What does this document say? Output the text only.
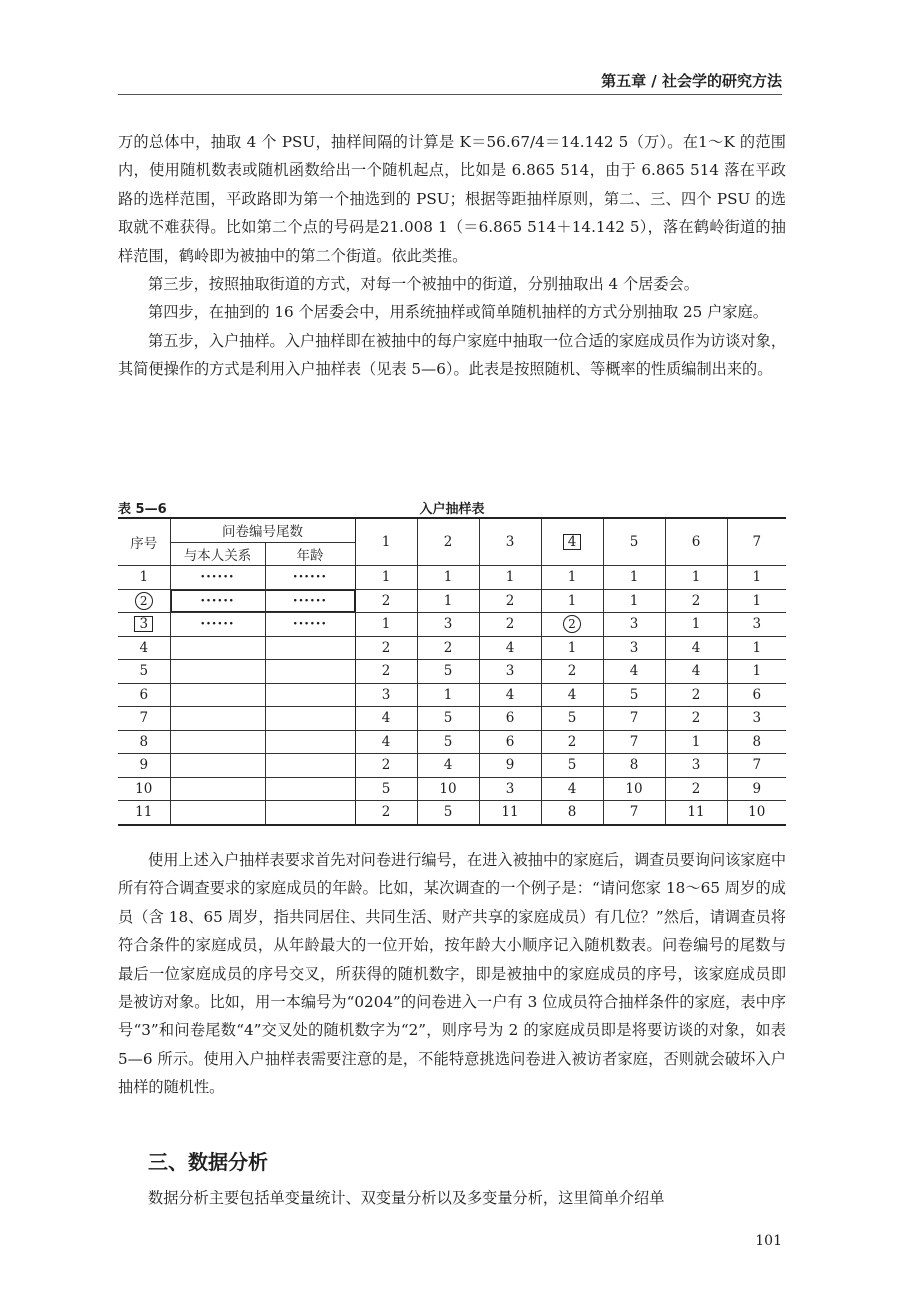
第五章 / 社会学的研究方法

万的总体中，抽取 4 个 PSU，抽样间隔的计算是 K＝56.67/4＝14.142 5（万）。在1～K 的范围内，使用随机数表或随机函数给出一个随机起点，比如是 6.865 514，由于 6.865 514 落在平政路的选样范围，平政路即为第一个抽选到的 PSU；根据等距抽样原则，第二、三、四个 PSU 的选取就不难获得。比如第二个点的号码是21.008 1（＝6.865 514＋14.142 5），落在鹤岭街道的抽样范围，鹤岭即为被抽中的第二个街道。依此类推。

第三步，按照抽取街道的方式，对每一个被抽中的街道，分别抽取出 4 个居委会。

第四步，在抽到的 16 个居委会中，用系统抽样或简单随机抽样的方式分别抽取 25 户家庭。

第五步，入户抽样。入户抽样即在被抽中的每户家庭中抽取一位合适的家庭成员作为访谈对象，其简便操作的方式是利用入户抽样表（见表 5—6）。此表是按照随机、等概率的性质编制出来的。

表 5—6	入户抽样表
序号	问卷编号尾数		1	2	3	4	5	6	7
	与本人关系	年龄							
1	······	······	1	1	1	1	1	1	1
2	······	······	2	1	2	1	1	2	1
3	······	······	1	3	2	2	3	1	3
4			2	2	4	1	3	4	1
5			2	5	3	2	4	4	1
6			3	1	4	4	5	2	6
7			4	5	6	5	7	2	3
8			4	5	6	2	7	1	8
9			2	4	9	5	8	3	7
10			5	10	3	4	10	2	9
11			2	5	11	8	7	11	10

使用上述入户抽样表要求首先对问卷进行编号，在进入被抽中的家庭后，调查员要询问该家庭中所有符合调查要求的家庭成员的年龄。比如，某次调查的一个例子是：“请问您家 18～65 周岁的成员（含 18、65 周岁，指共同居住、共同生活、财产共享的家庭成员）有几位？”然后，请调查员将符合条件的家庭成员，从年龄最大的一位开始，按年龄大小顺序记入随机数表。问卷编号的尾数与最后一位家庭成员的序号交叉，所获得的随机数字，即是被抽中的家庭成员的序号，该家庭成员即是被访对象。比如，用一本编号为“0204”的问卷进入一户有 3 位成员符合抽样条件的家庭，表中序号“3”和问卷尾数“4”交叉处的随机数字为“2”，则序号为 2 的家庭成员即是将要访谈的对象，如表 5—6 所示。使用入户抽样表需要注意的是，不能特意挑选问卷进入被访者家庭，否则就会破坏入户抽样的随机性。

三、数据分析

数据分析主要包括单变量统计、双变量分析以及多变量分析，这里简单介绍单

101
